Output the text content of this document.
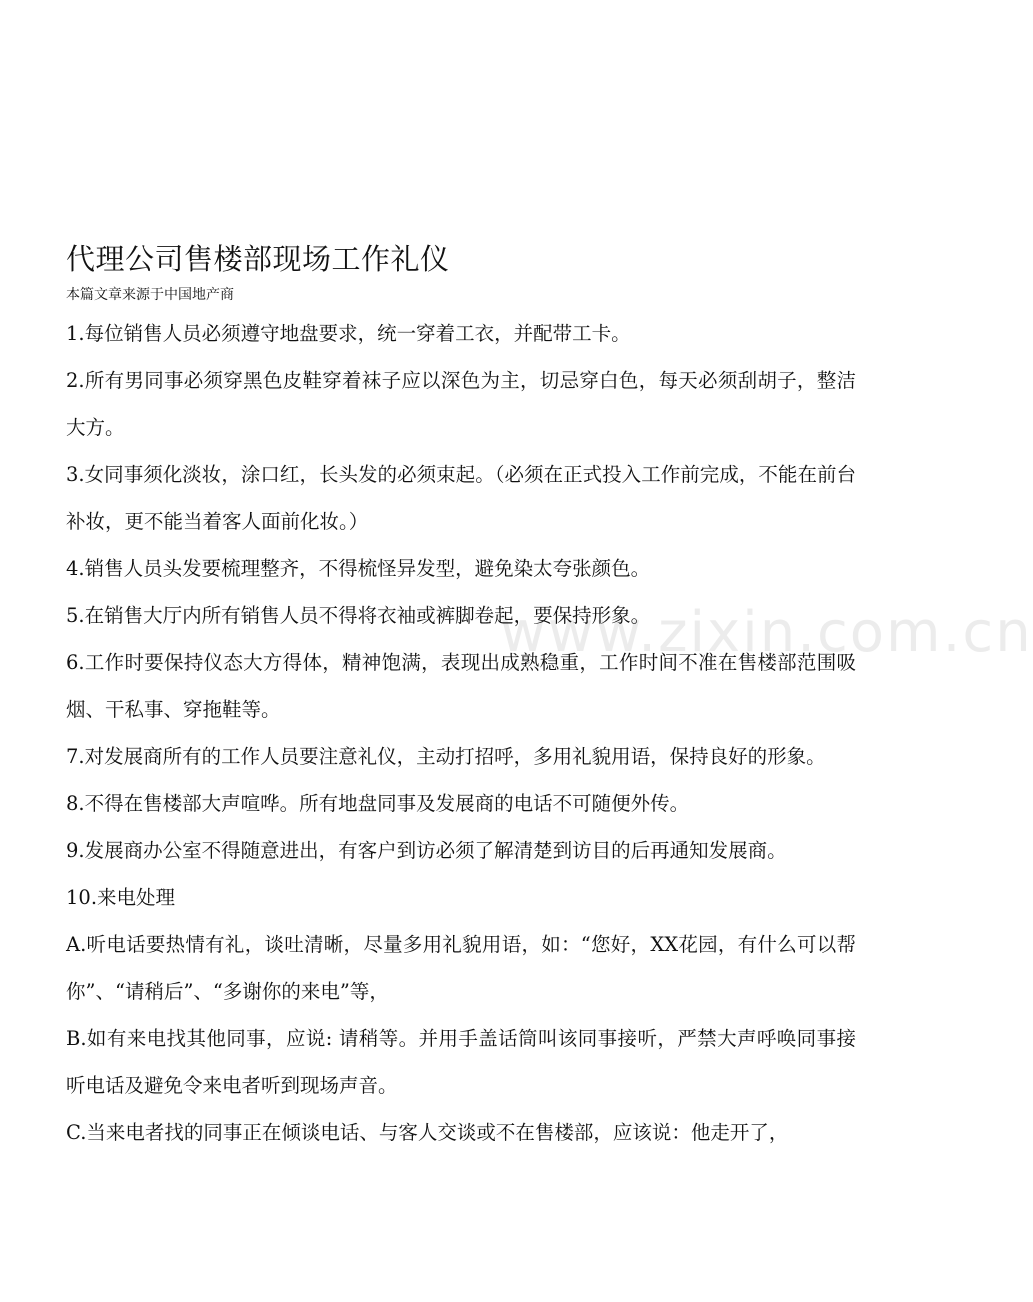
www.zixin.com.cn
代理公司售楼部现场工作礼仪

本篇文章来源于中国地产商

1.每位销售人员必须遵守地盘要求，统一穿着工衣，并配带工卡。

2.所有男同事必须穿黑色皮鞋穿着袜子应以深色为主，切忌穿白色，每天必须刮胡子，整洁大方。

3.女同事须化淡妆，涂口红，长头发的必须束起。（必须在正式投入工作前完成，不能在前台补妆，更不能当着客人面前化妆。）

4.销售人员头发要梳理整齐，不得梳怪异发型，避免染太夸张颜色。

5.在销售大厅内所有销售人员不得将衣袖或裤脚卷起，要保持形象。

6.工作时要保持仪态大方得体，精神饱满，表现出成熟稳重，工作时间不准在售楼部范围吸烟、干私事、穿拖鞋等。

7.对发展商所有的工作人员要注意礼仪，主动打招呼，多用礼貌用语，保持良好的形象。

8.不得在售楼部大声喧哗。所有地盘同事及发展商的电话不可随便外传。

9.发展商办公室不得随意进出，有客户到访必须了解清楚到访目的后再通知发展商。

10.来电处理

A.听电话要热情有礼，谈吐清晰，尽量多用礼貌用语，如：“您好，XX花园，有什么可以帮你”、“请稍后”、“多谢你的来电”等，

B.如有来电找其他同事，应说: 请稍等。并用手盖话筒叫该同事接听，严禁大声呼唤同事接听电话及避免令来电者听到现场声音。

C.当来电者找的同事正在倾谈电话、与客人交谈或不在售楼部，应该说：他走开了，
